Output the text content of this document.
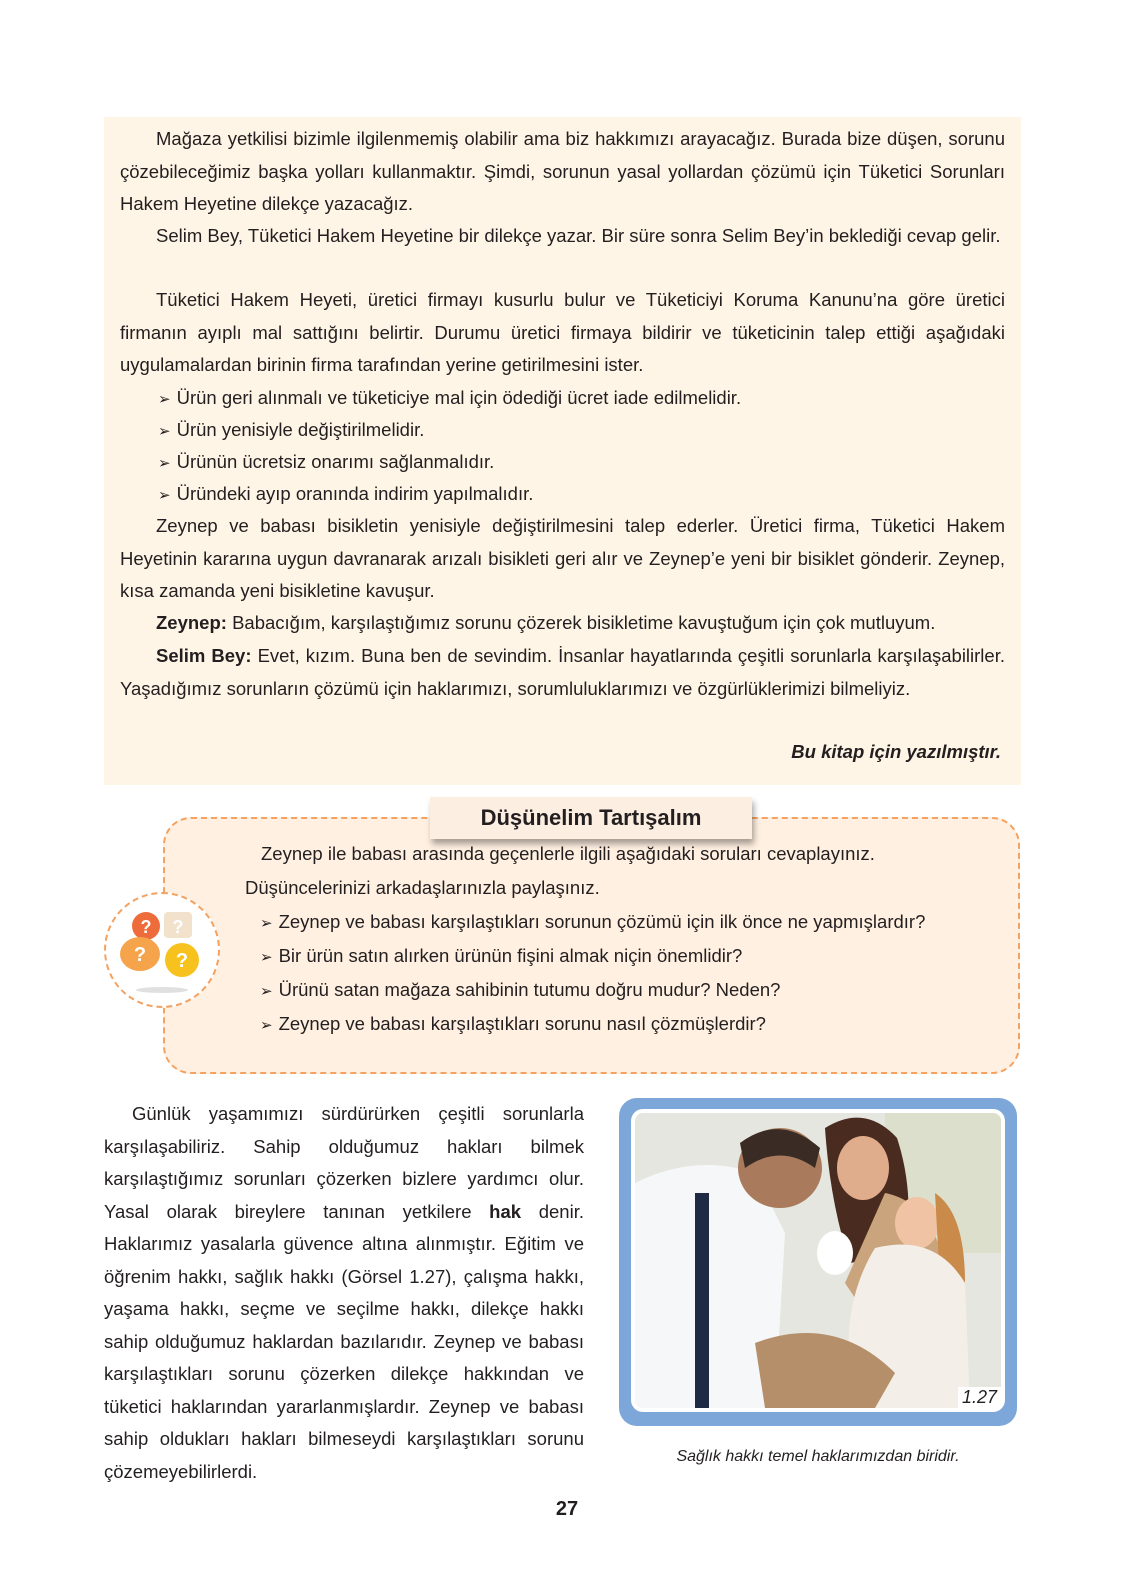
Mağaza yetkilisi bizimle ilgilenmemiş olabilir ama biz hakkımızı arayacağız. Burada bize düşen, sorunu çözebileceğimiz başka yolları kullanmaktır. Şimdi, sorunun yasal yollardan çözümü için Tüketici Sorunları Hakem Heyetine dilekçe yazacağız.

Selim Bey, Tüketici Hakem Heyetine bir dilekçe yazar. Bir süre sonra Selim Bey’in beklediği cevap gelir.

Tüketici Hakem Heyeti, üretici firmayı kusurlu bulur ve Tüketiciyi Koruma Kanunu’na göre üretici firmanın ayıplı mal sattığını belirtir. Durumu üretici firmaya bildirir ve tüketicinin talep ettiği aşağıdaki uygulamalardan birinin firma tarafından yerine getirilmesini ister.

➢ Ürün geri alınmalı ve tüketiciye mal için ödediği ücret iade edilmelidir.

➢ Ürün yenisiyle değiştirilmelidir.

➢ Ürünün ücretsiz onarımı sağlanmalıdır.

➢ Üründeki ayıp oranında indirim yapılmalıdır.

Zeynep ve babası bisikletin yenisiyle değiştirilmesini talep ederler. Üretici firma, Tüketici Hakem Heyetinin kararına uygun davranarak arızalı bisikleti geri alır ve Zeynep’e yeni bir bisiklet gönderir. Zeynep, kısa zamanda yeni bisikletine kavuşur.

Zeynep: Babacığım, karşılaştığımız sorunu çözerek bisikletime kavuştuğum için çok mutluyum.

Selim Bey: Evet, kızım. Buna ben de sevindim. İnsanlar hayatlarında çeşitli sorunlarla karşılaşabilirler. Yaşadığımız sorunların çözümü için haklarımızı, sorumluluklarımızı ve özgürlüklerimizi bilmeliyiz.

Bu kitap için yazılmıştır.

Zeynep ile babası arasında geçenlerle ilgili aşağıdaki soruları cevaplayınız. Düşüncelerinizi arkadaşlarınızla paylaşınız.

➢ Zeynep ve babası karşılaştıkları sorunun çözümü için ilk önce ne yapmışlardır?

➢ Bir ürün satın alırken ürünün fişini almak niçin önemlidir?

➢ Ürünü satan mağaza sahibinin tutumu doğru mudur? Neden?

➢ Zeynep ve babası karşılaştıkları sorunu nasıl çözmüşlerdir?

Düşünelim Tartışalım
?
?
? ?

Günlük yaşamımızı sürdürürken çeşitli sorunlarla karşılaşabiliriz. Sahip olduğumuz hakları bilmek karşılaştığımız sorunları çözerken bizlere yardımcı olur. Yasal olarak bireylere tanınan yetkilere hak denir. Haklarımız yasalarla güvence altına alınmıştır. Eğitim ve öğrenim hakkı, sağlık hakkı (Görsel 1.27), çalışma hakkı, yaşama hakkı, seçme ve seçilme hakkı, dilekçe hakkı sahip olduğumuz haklardan bazılarıdır. Zeynep ve babası karşılaştıkları sorunu çözerken dilekçe hakkından ve tüketici haklarından yararlanmışlardır. Zeynep ve babası sahip oldukları hakları bilmeseydi karşılaştıkları sorunu çözemeyebilirlerdi.

1.27
Sağlık hakkı temel haklarımızdan biridir.
27
